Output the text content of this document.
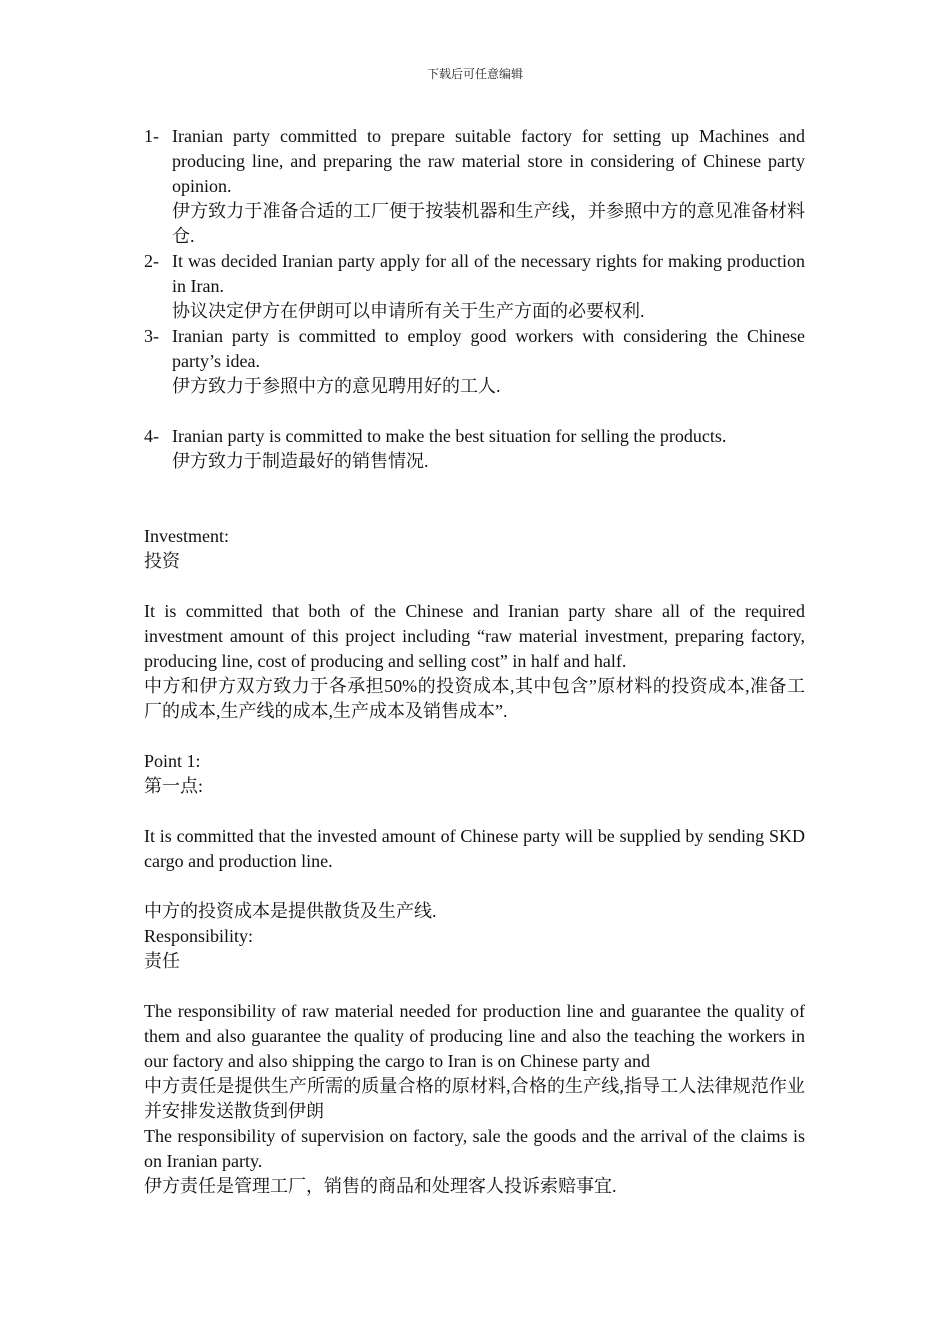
下载后可任意编辑
1- Iranian party committed to prepare suitable factory for setting up Machines and producing line, and preparing the raw material store in considering of Chinese party opinion.

伊方致力于准备合适的工厂便于按装机器和生产线，并参照中方的意见准备材料仓.

2- It was decided Iranian party apply for all of the necessary rights for making production in Iran.

协议决定伊方在伊朗可以申请所有关于生产方面的必要权利.

3- Iranian party is committed to employ good workers with considering the Chinese party’s idea.

伊方致力于参照中方的意见聘用好的工人.

4- Iranian party is committed to make the best situation for selling the products.

伊方致力于制造最好的销售情况.

Investment:

投资

It is committed that both of the Chinese and Iranian party share all of the required investment amount of this project including “raw material investment, preparing factory, producing line, cost of producing and selling cost” in half and half.

中方和伊方双方致力于各承担50%的投资成本,其中包含”原材料的投资成本,准备工厂的成本,生产线的成本,生产成本及销售成本”.

Point 1:

第一点:

It is committed that the invested amount of Chinese party will be supplied by sending SKD cargo and production line.

中方的投资成本是提供散货及生产线.

Responsibility:

责任

The responsibility of raw material needed for production line and guarantee the quality of them and also guarantee the quality of producing line and also the teaching the workers in our factory and also shipping the cargo to Iran is on Chinese party and

中方责任是提供生产所需的质量合格的原材料,合格的生产线,指导工人法律规范作业并安排发送散货到伊朗

The responsibility of supervision on factory, sale the goods and the arrival of the claims is on Iranian party.

伊方责任是管理工厂，销售的商品和处理客人投诉索赔事宜.
